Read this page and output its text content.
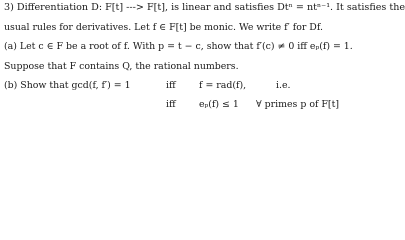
3) Differentiation D: F[t] ---> F[t], is linear and satisfies Dtⁿ = ntⁿ⁻¹. It satisfies the
usual rules for derivatives. Let f ∈ F[t] be monic. We write f′ for Df.
(a) Let c ∈ F be a root of f. With p = t − c, show that f′(c) ≠ 0 iff eₚ(f) = 1.
Suppose that F contains Q, the rational numbers.
(b) Show that gcd(f, f′) = 1	iff f = rad(f),	i.e.
iff eₚ(f) ≤ 1 ∀ primes p of F[t]
